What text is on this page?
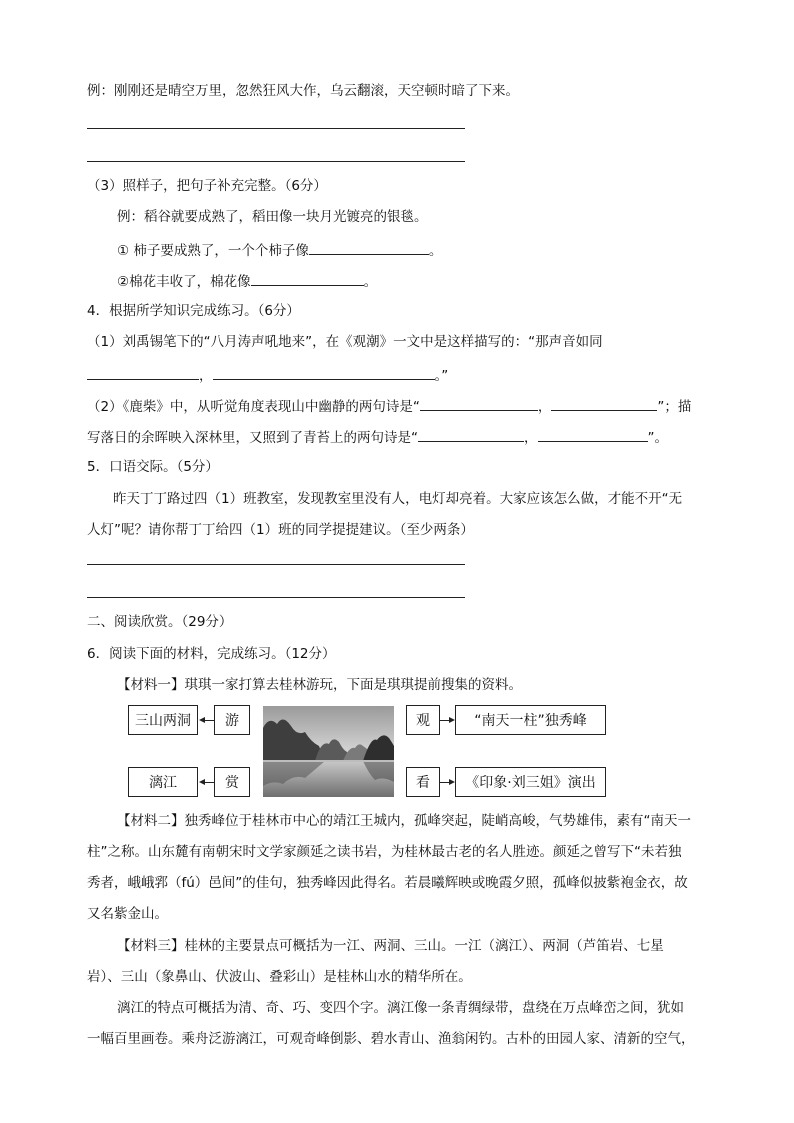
例：刚刚还是晴空万里，忽然狂风大作，乌云翻滚，天空顿时暗了下来。
（3）照样子，把句子补充完整。（6分）
例：稻谷就要成熟了，稻田像一块月光镀亮的银毯。
① 柿子要成熟了，一个个柿子像	。
②棉花丰收了，棉花像	。
4．根据所学知识完成练习。（6分）
（1）刘禹锡笔下的“八月涛声吼地来”，在《观潮》一文中是这样描写的：“那声音如同
，	。”
（2）《鹿柴》中，从听觉角度表现山中幽静的两句诗是“	，	”；描
写落日的余晖映入深林里，又照到了青苔上的两句诗是“	，	”。
5．口语交际。（5分）
昨天丁丁路过四（1）班教室，发现教室里没有人，电灯却亮着。大家应该怎么做，才能不开“无
人灯”呢？请你帮丁丁给四（1）班的同学提提建议。（至少两条）
二、阅读欣赏。（29分）
6．阅读下面的材料，完成练习。（12分）
【材料一】琪琪一家打算去桂林游玩，下面是琪琪提前搜集的资料。
三山两洞	游
漓江	赏
观	“南天一柱”独秀峰
看	《印象·刘三姐》演出
【材料二】独秀峰位于桂林市中心的靖江王城内，孤峰突起，陡峭高峻，气势雄伟，素有“南天一
柱”之称。山东麓有南朝宋时文学家颜延之读书岩，为桂林最古老的名人胜迹。颜延之曾写下“未若独
秀者，峨峨郛（fú）邑间”的佳句，独秀峰因此得名。若晨曦辉映或晚霞夕照，孤峰似披紫袍金衣，故
又名紫金山。
【材料三】桂林的主要景点可概括为一江、两洞、三山。一江（漓江）、两洞（芦笛岩、七星
岩）、三山（象鼻山、伏波山、叠彩山）是桂林山水的精华所在。
漓江的特点可概括为清、奇、巧、变四个字。漓江像一条青绸绿带，盘绕在万点峰峦之间，犹如
一幅百里画卷。乘舟泛游漓江，可观奇峰倒影、碧水青山、渔翁闲钓。古朴的田园人家、清新的空气，
